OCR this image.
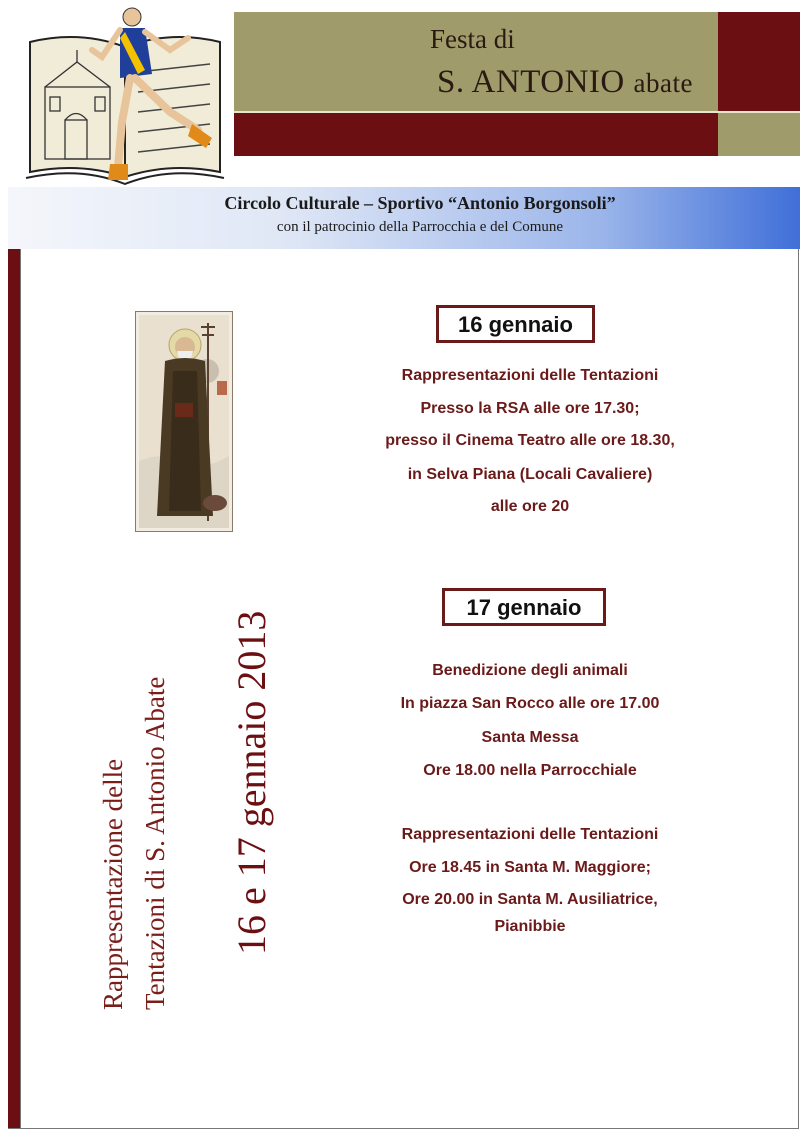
Festa di
S. ANTONIO abate
Circolo Culturale – Sportivo “Antonio Borgonsoli”
con il patrocinio della Parrocchia e del Comune
Rappresentazione delle Tentazioni di S. Antonio Abate 16 e 17 gennaio 2013
16 gennaio
Rappresentazioni delle Tentazioni
Presso la RSA alle ore 17.30;
presso il Cinema Teatro alle ore 18.30,
in Selva Piana (Locali Cavaliere)
alle ore 20
17 gennaio
Benedizione degli animali
In piazza San Rocco alle ore 17.00
Santa Messa
Ore 18.00 nella Parrocchiale
Rappresentazioni delle Tentazioni
Ore 18.45 in Santa M. Maggiore;
Ore 20.00 in Santa M. Ausiliatrice,
Pianibbie
